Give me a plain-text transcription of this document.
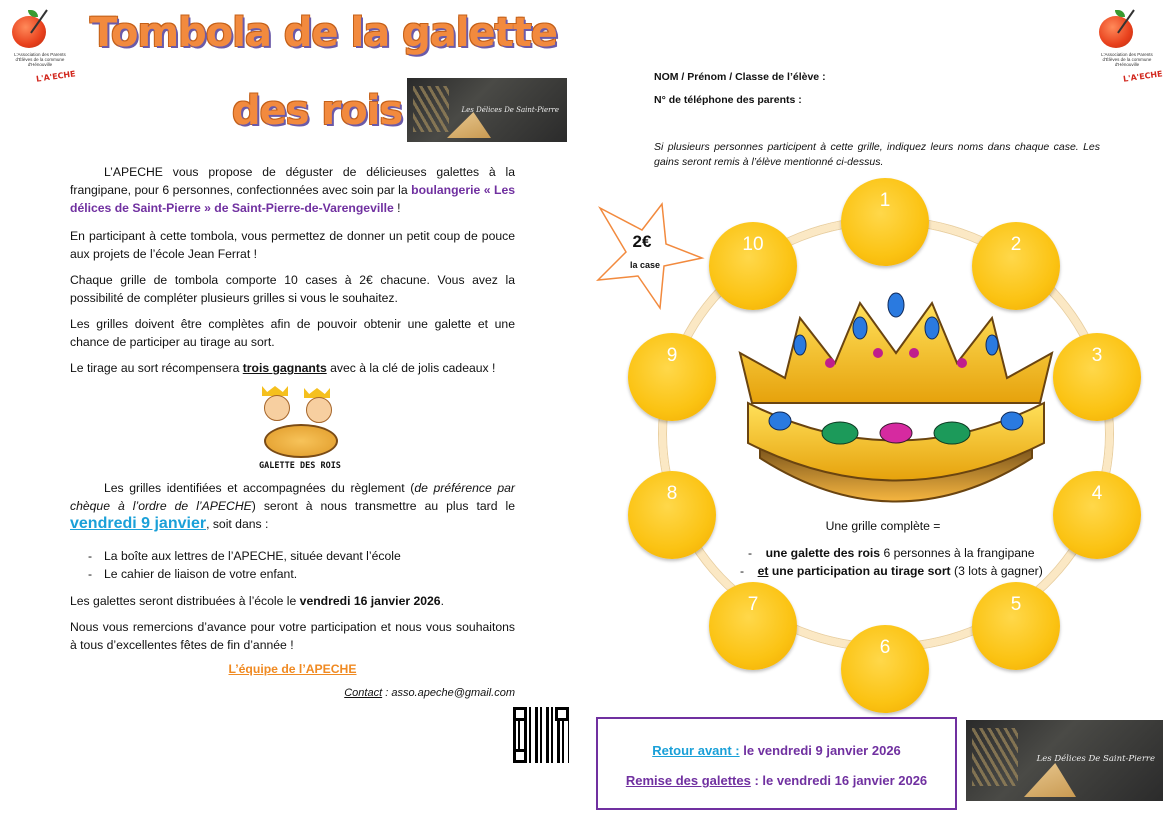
L'Association des Parents d'Élèves de la commune d'Hénouville
L'A'ECHE
Tombola de la galette
des rois	Les Délices De Saint-Pierre

L’APECHE vous propose de déguster de délicieuses galettes à la frangipane, pour 6 personnes, confectionnées avec soin par la boulangerie « Les délices de Saint-Pierre » de Saint-Pierre-de-Varengeville !

En participant à cette tombola, vous permettez de donner un petit coup de pouce aux projets de l’école Jean Ferrat !
Chaque grille de tombola comporte 10 cases à 2€ chacune. Vous avez la possibilité de compléter plusieurs grilles si vous le souhaitez.
Les grilles doivent être complètes afin de pouvoir obtenir une galette et une chance de participer au tirage au sort.
Le tirage au sort récompensera trois gagnants avec à la clé de jolis cadeaux !
GALETTE DES ROIS

Les grilles identifiées et accompagnées du règlement (de préférence par chèque à l’ordre de l’APECHE) seront à nous transmettre au plus tard le vendredi 9 janvier, soit dans :

- La boîte aux lettres de l’APECHE, située devant l’école
- Le cahier de liaison de votre enfant.
Les galettes seront distribuées à l’école le vendredi 16 janvier 2026.
Nous vous remercions d’avance pour votre participation et nous vous souhaitons à tous d’excellentes fêtes de fin d’année !
L’équipe de l’APECHE
Contact : asso.apeche@gmail.com
L'Association des Parents d'Élèves de la commune d'Hénouville
L'A'ECHE
NOM / Prénom / Classe de l’élève :
N° de téléphone des parents :
Si plusieurs personnes participent à cette grille, indiquez leurs noms dans chaque case. Les gains seront remis à l’élève mentionné ci-dessus.
2€
la case
1
2
3
4
5
6
7
8
9
10
Une grille complète =
-    une galette des rois 6 personnes à la frangipane
-    et une participation au tirage sort (3 lots à gagner)
Retour avant : le vendredi 9 janvier 2026
Remise des galettes : le vendredi 16 janvier 2026
Les Délices De Saint-Pierre
